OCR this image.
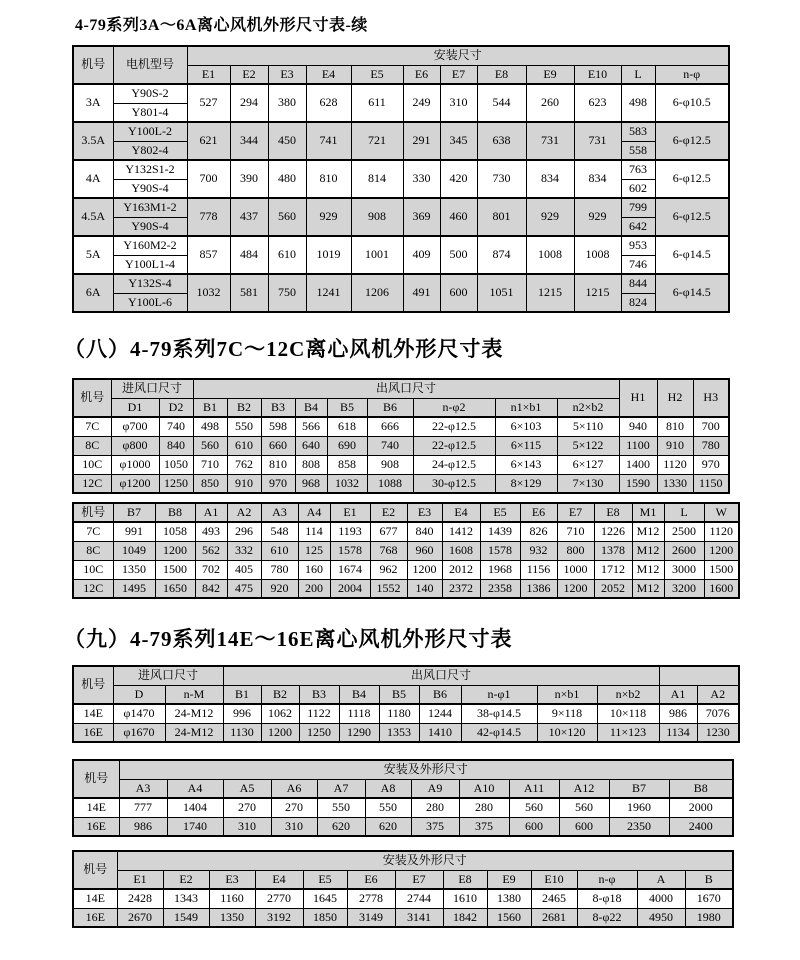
4-79系列3A～6A离心风机外形尺寸表-续
机号	电机型号	安装尺寸											
		E1	E2	E3	E4	E5	E6	E7	E8	E9	E10	L	n-φ
3A	Y90S-2	527	294	380	628	611	249	310	544	260	623	498	6-φ10.5
	Y801-4												
3.5A	Y100L-2	621	344	450	741	721	291	345	638	731	731	583	6-φ12.5
	Y802-4											558	
4A	Y132S1-2	700	390	480	810	814	330	420	730	834	834	763	6-φ12.5
	Y90S-4											602	
4.5A	Y163M1-2	778	437	560	929	908	369	460	801	929	929	799	6-φ12.5
	Y90S-4											642	
5A	Y160M2-2	857	484	610	1019	1001	409	500	874	1008	1008	953	6-φ14.5
	Y100L1-4											746	
6A	Y132S-4	1032	581	750	1241	1206	491	600	1051	1215	1215	844	6-φ14.5
	Y100L-6											824	
（八）4-79系列7C～12C离心风机外形尺寸表
机号	进风口尺寸		出风口尺寸									H1	H2	H3
	D1	D2	B1	B2	B3	B4	B5	B6	n-φ2	n1×b1	n2×b2			
7C	φ700	740	498	550	598	566	618	666	22-φ12.5	6×103	5×110	940	810	700
8C	φ800	840	560	610	660	640	690	740	22-φ12.5	6×115	5×122	1100	910	780
10C	φ1000	1050	710	762	810	808	858	908	24-φ12.5	6×143	6×127	1400	1120	970
12C	φ1200	1250	850	910	970	968	1032	1088	30-φ12.5	8×129	7×130	1590	1330	1150
机号	B7	B8	A1	A2	A3	A4	E1	E2	E3	E4	E5	E6	E7	E8	M1	L	W
7C	991	1058	493	296	548	114	1193	677	840	1412	1439	826	710	1226	M12	2500	1120
8C	1049	1200	562	332	610	125	1578	768	960	1608	1578	932	800	1378	M12	2600	1200
10C	1350	1500	702	405	780	160	1674	962	1200	2012	1968	1156	1000	1712	M12	3000	1500
12C	1495	1650	842	475	920	200	2004	1552	140	2372	2358	1386	1200	2052	M12	3200	1600
（九）4-79系列14E～16E离心风机外形尺寸表
机号	进风口尺寸		出风口尺寸										
	D	n-M	B1	B2	B3	B4	B5	B6	n-φ1	n×b1	n×b2	A1	A2
14E	φ1470	24-M12	996	1062	1122	1118	1180	1244	38-φ14.5	9×118	10×118	986	7076
16E	φ1670	24-M12	1130	1200	1250	1290	1353	1410	42-φ14.5	10×120	11×123	1134	1230
机号	安装及外形尺寸											
	A3	A4	A5	A6	A7	A8	A9	A10	A11	A12	B7	B8
14E	777	1404	270	270	550	550	280	280	560	560	1960	2000
16E	986	1740	310	310	620	620	375	375	600	600	2350	2400
机号	安装及外形尺寸												
	E1	E2	E3	E4	E5	E6	E7	E8	E9	E10	n-φ	A	B
14E	2428	1343	1160	2770	1645	2778	2744	1610	1380	2465	8-φ18	4000	1670
16E	2670	1549	1350	3192	1850	3149	3141	1842	1560	2681	8-φ22	4950	1980
